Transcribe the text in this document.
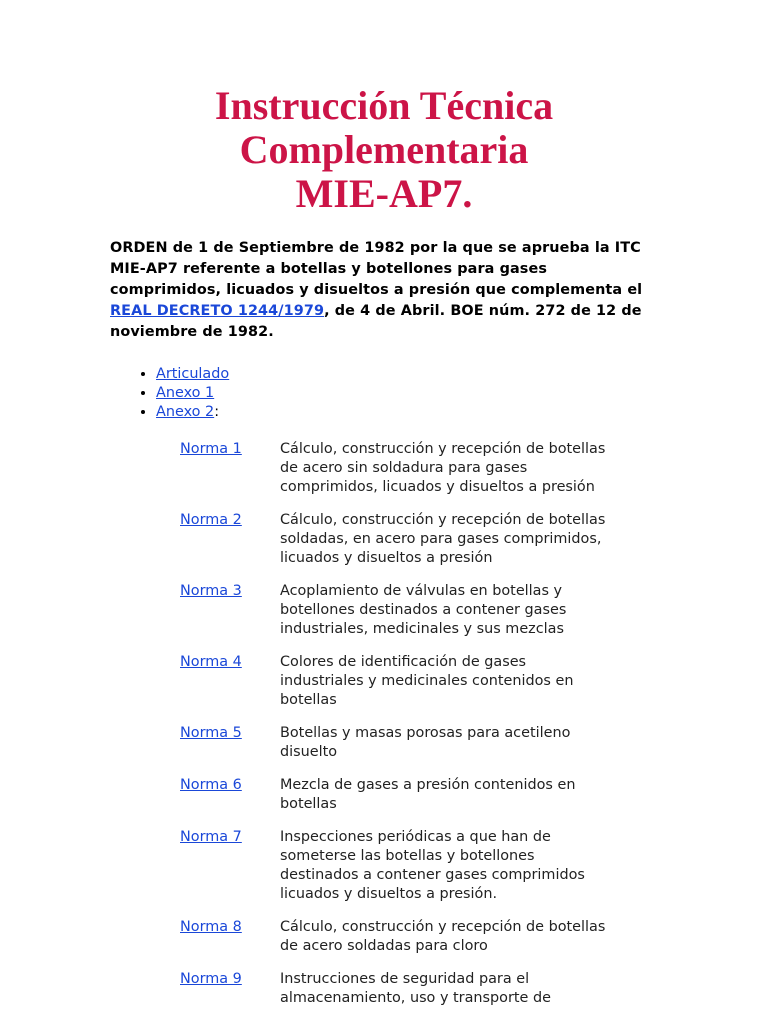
Instrucción Técnica Complementaria
MIE-AP7.
ORDEN de 1 de Septiembre de 1982 por la que se aprueba la ITC MIE-AP7 referente a botellas y botellones para gases comprimidos, licuados y disueltos a presión que complementa el REAL DECRETO 1244/1979, de 4 de Abril. BOE núm. 272 de 12 de noviembre de 1982.
• Articulado
• Anexo 1
• Anexo 2:
Norma 1	Cálculo, construcción y recepción de botellas de acero sin soldadura para gases comprimidos, licuados y disueltos a presión
Norma 2	Cálculo, construcción y recepción de botellas soldadas, en acero para gases comprimidos, licuados y disueltos a presión
Norma 3	Acoplamiento de válvulas en botellas y botellones destinados a contener gases industriales, medicinales y sus mezclas
Norma 4	Colores de identificación de gases industriales y medicinales contenidos en botellas
Norma 5	Botellas y masas porosas para acetileno disuelto
Norma 6	Mezcla de gases a presión contenidos en botellas
Norma 7	Inspecciones periódicas a que han de someterse las botellas y botellones destinados a contener gases comprimidos licuados y disueltos a presión.
Norma 8	Cálculo, construcción y recepción de botellas de acero soldadas para cloro
Norma 9	Instrucciones de seguridad para el almacenamiento, uso y transporte de
